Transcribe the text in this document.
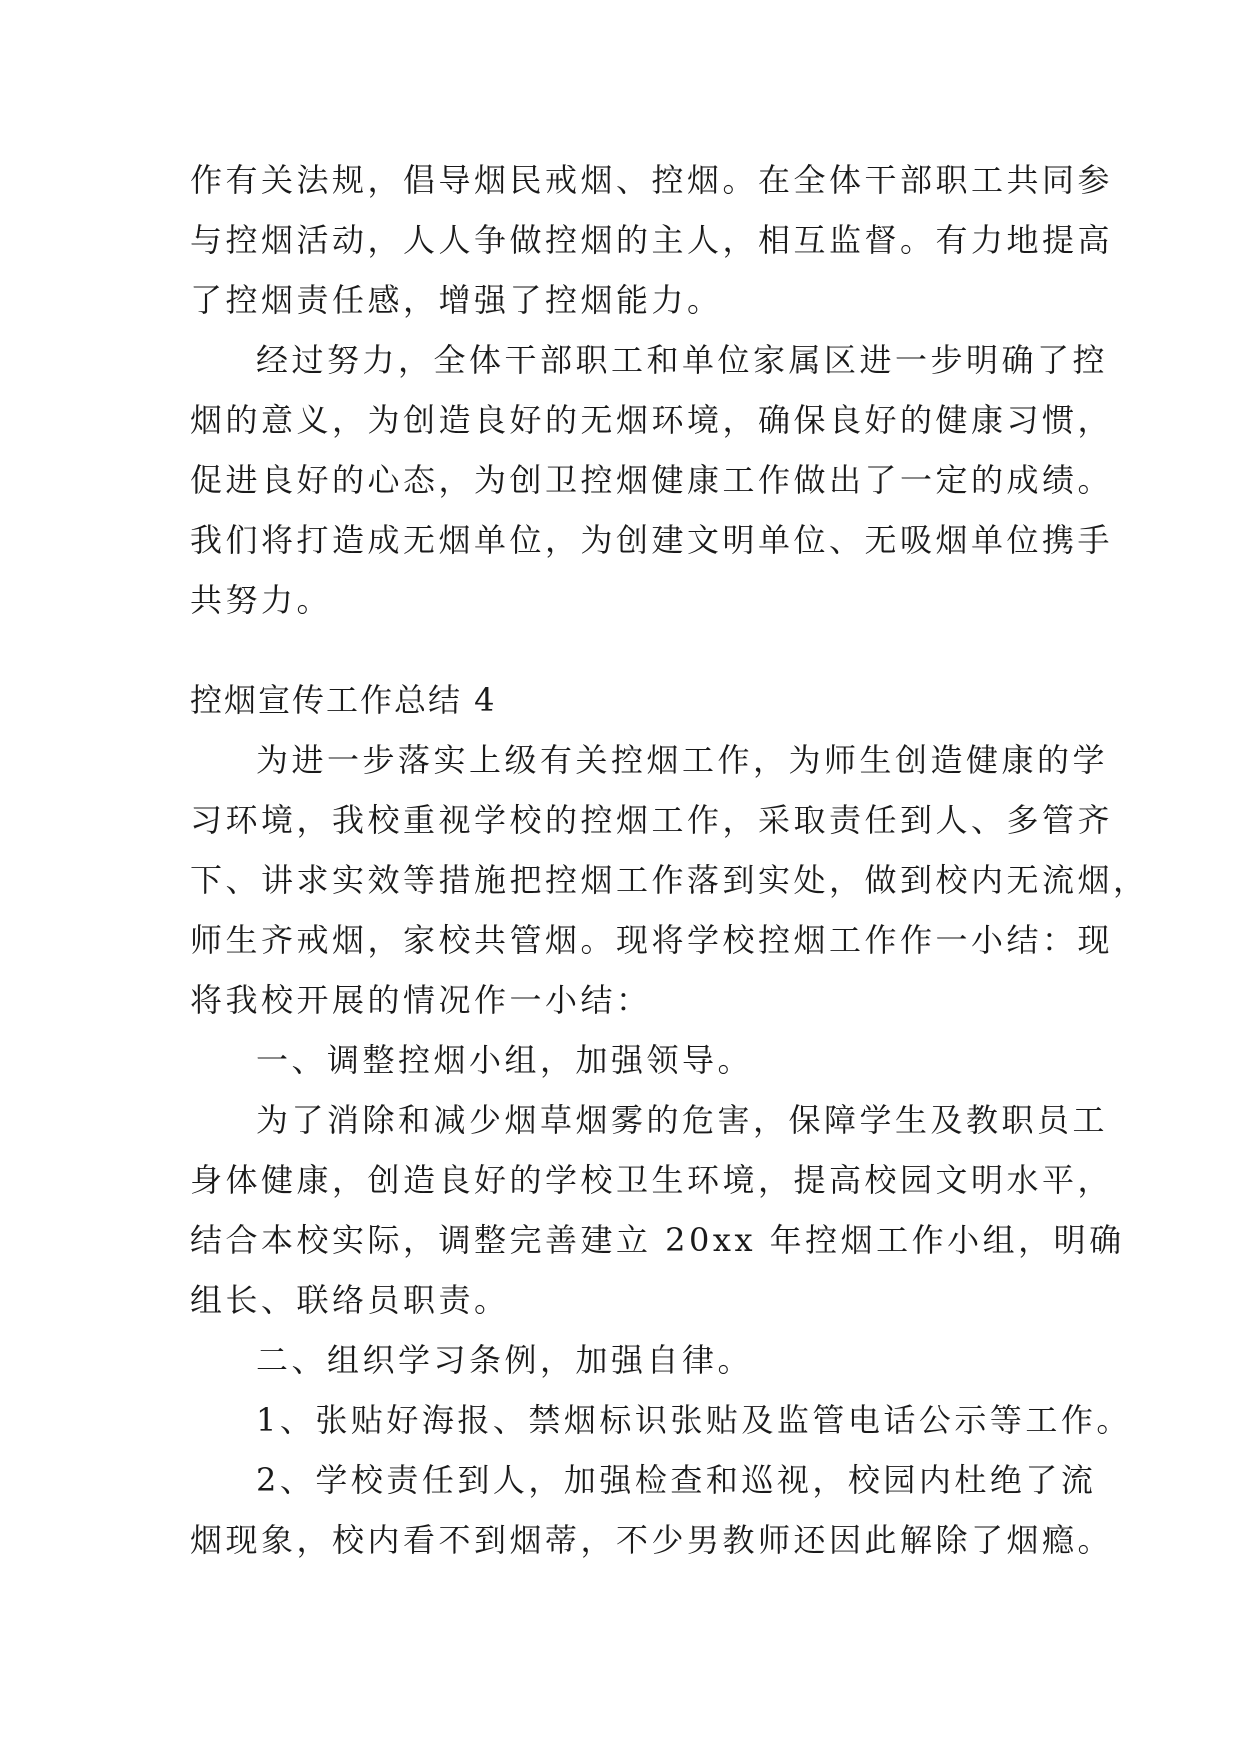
作有关法规，倡导烟民戒烟、控烟。在全体干部职工共同参
与控烟活动，人人争做控烟的主人，相互监督。有力地提高
了控烟责任感，增强了控烟能力。
经过努力，全体干部职工和单位家属区进一步明确了控
烟的意义，为创造良好的无烟环境，确保良好的健康习惯，
促进良好的心态，为创卫控烟健康工作做出了一定的成绩。
我们将打造成无烟单位，为创建文明单位、无吸烟单位携手
共努力。
控烟宣传工作总结 4
为进一步落实上级有关控烟工作，为师生创造健康的学
习环境，我校重视学校的控烟工作，采取责任到人、多管齐
下、讲求实效等措施把控烟工作落到实处，做到校内无流烟，
师生齐戒烟，家校共管烟。现将学校控烟工作作一小结：现
将我校开展的情况作一小结：
一、调整控烟小组，加强领导。
为了消除和减少烟草烟雾的危害，保障学生及教职员工
身体健康，创造良好的学校卫生环境，提高校园文明水平，
结合本校实际，调整完善建立 20xx 年控烟工作小组，明确
组长、联络员职责。
二、组织学习条例，加强自律。
1、张贴好海报、禁烟标识张贴及监管电话公示等工作。
2、学校责任到人，加强检查和巡视，校园内杜绝了流
烟现象，校内看不到烟蒂，不少男教师还因此解除了烟瘾。
